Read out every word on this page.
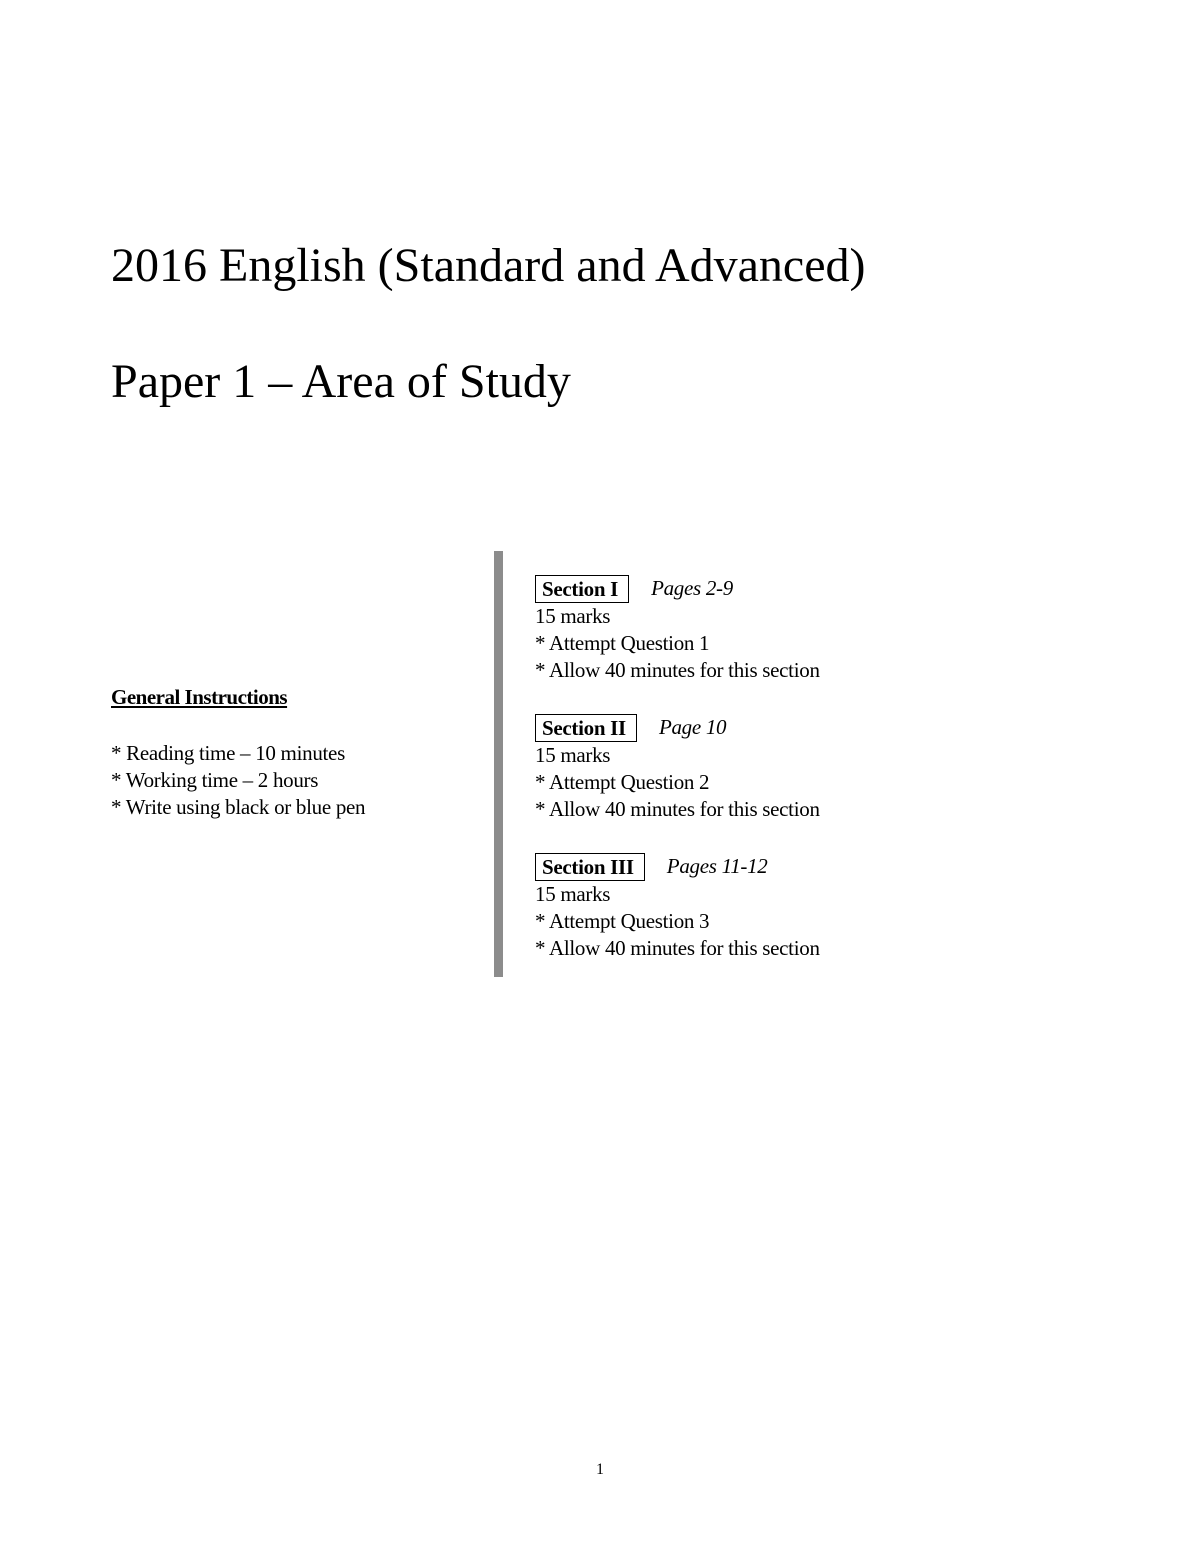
2016 English (Standard and Advanced)
Paper 1 – Area of Study
General Instructions
* Reading time – 10 minutes
* Working time – 2 hours
* Write using black or blue pen
Section I	Pages 2-9
15 marks
* Attempt Question 1
* Allow 40 minutes for this section
Section II	Page 10
15 marks
* Attempt Question 2
* Allow 40 minutes for this section
Section III	Pages 11-12
15 marks
* Attempt Question 3
* Allow 40 minutes for this section
1
